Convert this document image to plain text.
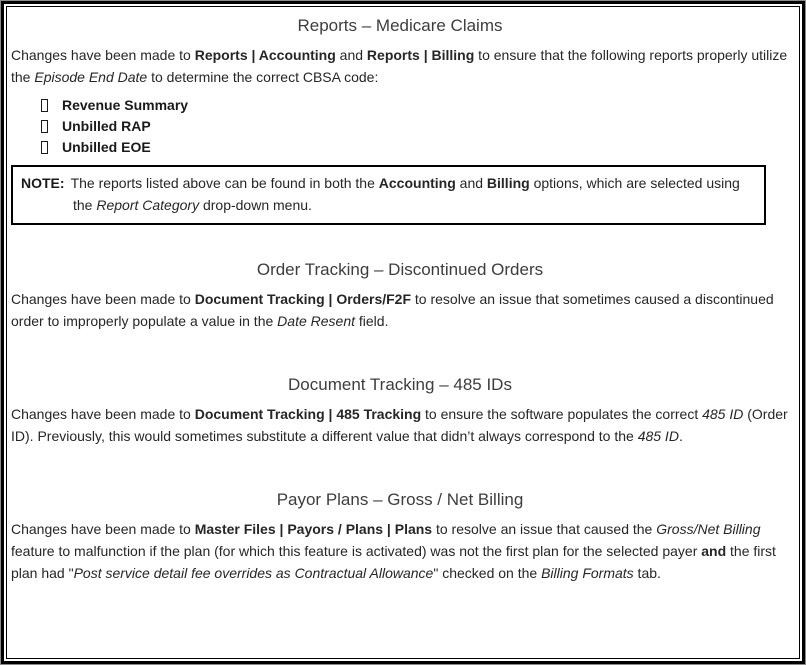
Reports – Medicare Claims

Changes have been made to Reports | Accounting and Reports | Billing to ensure that the following reports properly utilize the Episode End Date to determine the correct CBSA code:

Revenue Summary
Unbilled RAP
Unbilled EOE
NOTE: The reports listed above can be found in both the Accounting and Billing options, which are selected using the Report Category drop-down menu.
Order Tracking – Discontinued Orders

Changes have been made to Document Tracking | Orders/F2F to resolve an issue that sometimes caused a discontinued order to improperly populate a value in the Date Resent field.

Document Tracking – 485 IDs

Changes have been made to Document Tracking | 485 Tracking to ensure the software populates the correct 485 ID (Order ID). Previously, this would sometimes substitute a different value that didn’t always correspond to the 485 ID.

Payor Plans – Gross / Net Billing

Changes have been made to Master Files | Payors / Plans | Plans to resolve an issue that caused the Gross/Net Billing feature to malfunction if the plan (for which this feature is activated) was not the first plan for the selected payer and the first plan had "Post service detail fee overrides as Contractual Allowance" checked on the Billing Formats tab.
